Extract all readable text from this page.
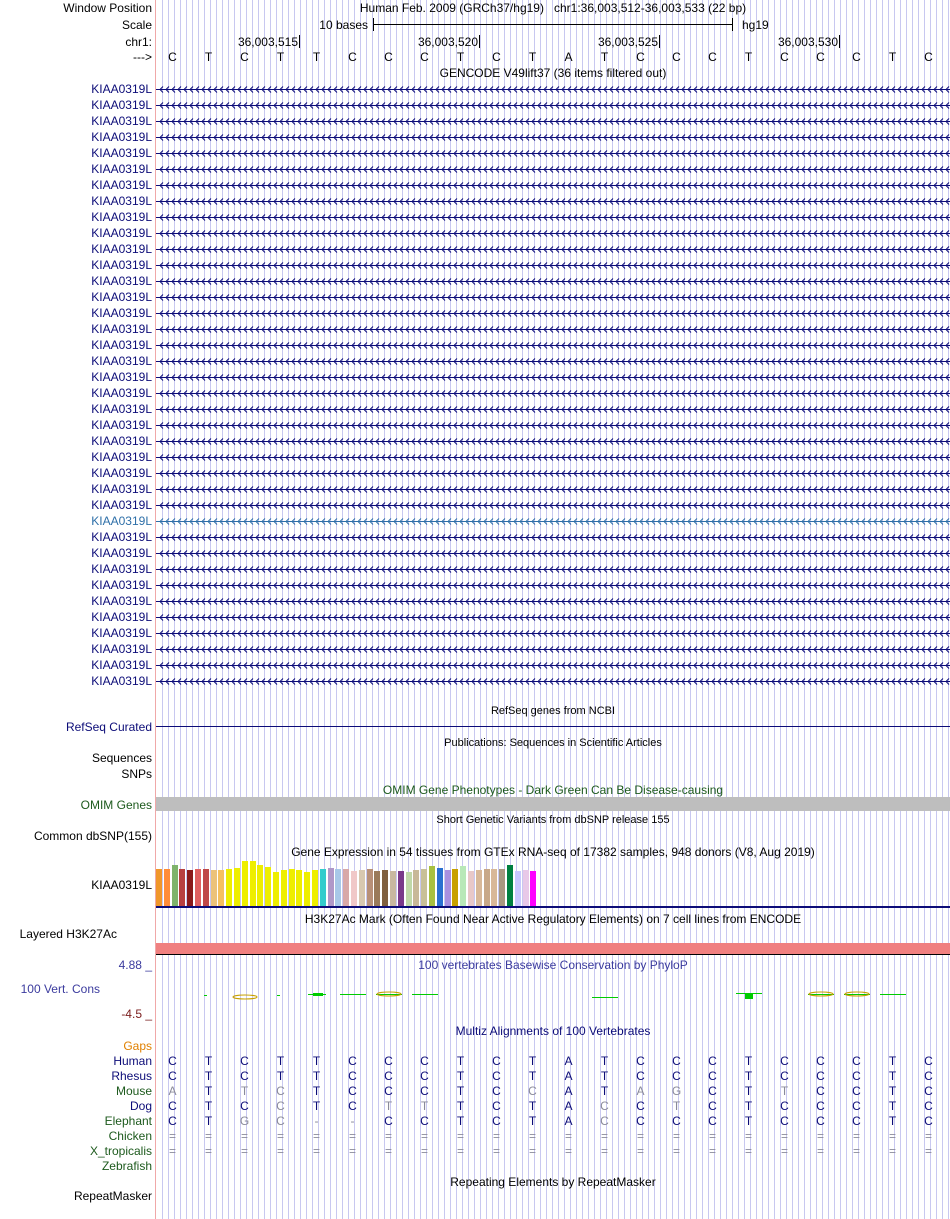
Window Position	Human Feb. 2009 (GRCh37/hg19) chr1:36,003,512-36,003,533 (22 bp)
Scale	10 bases	hg19
chr1:	36,003,515	36,003,520	36,003,525	36,003,530
--->	C	T	C	T	T	C	C	C	T	C	T	A	T	C	C	C	T	C	C	C	T	C
GENCODE V49lift37 (36 items filtered out)
KIAA0319L
KIAA0319L
KIAA0319L
KIAA0319L
KIAA0319L
KIAA0319L
KIAA0319L
KIAA0319L
KIAA0319L
KIAA0319L
KIAA0319L
KIAA0319L
KIAA0319L
KIAA0319L
KIAA0319L
KIAA0319L
KIAA0319L
KIAA0319L
KIAA0319L
KIAA0319L
KIAA0319L
KIAA0319L
KIAA0319L
KIAA0319L
KIAA0319L
KIAA0319L
KIAA0319L
KIAA0319L
KIAA0319L
KIAA0319L
KIAA0319L
KIAA0319L
KIAA0319L
KIAA0319L
KIAA0319L
KIAA0319L
KIAA0319L
KIAA0319L
RefSeq genes from NCBI
RefSeq Curated
Publications: Sequences in Scientific Articles
Sequences
SNPs
OMIM Gene Phenotypes - Dark Green Can Be Disease-causing
OMIM Genes
Short Genetic Variants from dbSNP release 155
Common dbSNP(155)
Gene Expression in 54 tissues from GTEx RNA-seq of 17382 samples, 948 donors (V8, Aug 2019)
KIAA0319L
H3K27Ac Mark (Often Found Near Active Regulatory Elements) on 7 cell lines from ENCODE
Layered H3K27Ac
100 vertebrates Basewise Conservation by PhyloP
4.88 _
100 Vert. Cons
-4.5 _
Multiz Alignments of 100 Vertebrates
Gaps
Human	C	T	C	T	T	C	C	C	T	C	T	A	T	C	C	C	T	C	C	C	T	C
Rhesus	C	T	C	T	T	C	C	C	T	C	T	A	T	C	C	C	T	C	C	C	T	C
Mouse	A	T	T	C	T	C	C	C	T	C	C	A	T	A	G	C	T	T	C	C	T	C
Dog	C	T	C	C	T	C	T	T	T	C	T	A	C	C	T	C	T	C	C	C	T	C
Elephant	C	T	G	C	-	-	C	C	T	C	T	A	C	C	C	C	T	C	C	C	T	C
Chicken	=	=	=	=	=	=	=	=	=	=	=	=	=	=	=	=	=	=	=	=	=	=
X_tropicalis	=	=	=	=	=	=	=	=	=	=	=	=	=	=	=	=	=	=	=	=	=	=
Zebrafish
Repeating Elements by RepeatMasker
RepeatMasker
